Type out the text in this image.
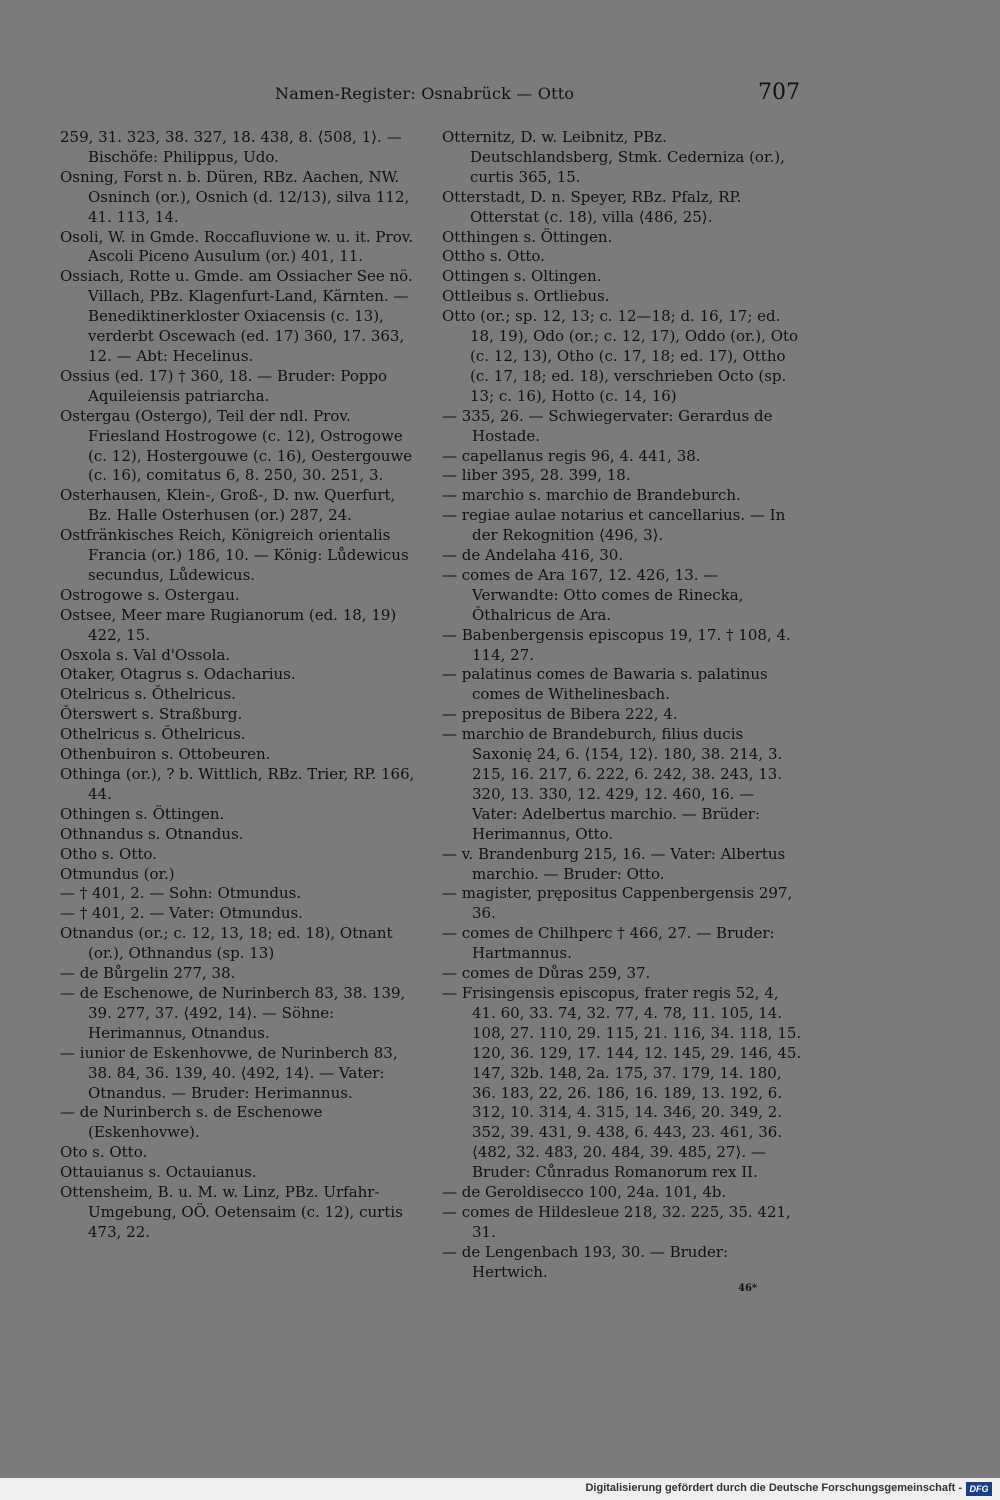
Namen-Register: Osnabrück — Otto	707

259, 31. 323, 38. 327, 18. 438, 8. ⟨508, 1⟩. — Bischöfe: Philippus, Udo.

Osning, Forst n. b. Düren, RBz. Aachen, NW. Osninch (or.), Osnich (d. 12/13), silva 112, 41. 113, 14.

Osoli, W. in Gmde. Roccafluvione w. u. it. Prov. Ascoli Piceno Ausulum (or.) 401, 11.

Ossiach, Rotte u. Gmde. am Ossiacher See nö. Villach, PBz. Klagenfurt-Land, Kärnten. — Benediktinerkloster Oxiacensis (c. 13), verderbt Oscewach (ed. 17) 360, 17. 363, 12. — Abt: Hecelinus.

Ossius (ed. 17) † 360, 18. — Bruder: Poppo Aquileiensis patriarcha.

Ostergau (Ostergo), Teil der ndl. Prov. Friesland Hostrogowe (c. 12), Ostrogowe (c. 12), Hostergouwe (c. 16), Oestergouwe (c. 16), comitatus 6, 8. 250, 30. 251, 3.

Osterhausen, Klein-, Groß-, D. nw. Querfurt, Bz. Halle Osterhusen (or.) 287, 24.

Ostfränkisches Reich, Königreich orientalis Francia (or.) 186, 10. — König: Lůdewicus secundus, Lůdewicus.

Ostrogowe s. Ostergau.

Ostsee, Meer mare Rugianorum (ed. 18, 19) 422, 15.

Osxola s. Val d'Ossola.

Otaker, Otagrus s. Odacharius.

Otelricus s. Ǒthelricus.

Ǒterswert s. Straßburg.

Othelricus s. Ǒthelricus.

Othenbuiron s. Ottobeuren.

Othinga (or.), ? b. Wittlich, RBz. Trier, RP. 166, 44.

Othingen s. Öttingen.

Othnandus s. Otnandus.

Otho s. Otto.

Otmundus (or.)

— † 401, 2. — Sohn: Otmundus.

— † 401, 2. — Vater: Otmundus.

Otnandus (or.; c. 12, 13, 18; ed. 18), Otnant (or.), Othnandus (sp. 13)

— de Bůrgelin 277, 38.

— de Eschenowe, de Nurinberch 83, 38. 139, 39. 277, 37. ⟨492, 14⟩. — Söhne: Herimannus, Otnandus.

— iunior de Eskenhovwe, de Nurinberch 83, 38. 84, 36. 139, 40. ⟨492, 14⟩. — Vater: Otnandus. — Bruder: Herimannus.

— de Nurinberch s. de Eschenowe (Eskenhovwe).

Oto s. Otto.

Ottauianus s. Octauianus.

Ottensheim, B. u. M. w. Linz, PBz. Urfahr-Umgebung, OÖ. Oetensaim (c. 12), curtis 473, 22.

Otternitz, D. w. Leibnitz, PBz. Deutschlandsberg, Stmk. Cederniza (or.), curtis 365, 15.

Otterstadt, D. n. Speyer, RBz. Pfalz, RP. Otterstat (c. 18), villa ⟨486, 25⟩.

Otthingen s. Öttingen.

Ottho s. Otto.

Ottingen s. Oltingen.

Ottleibus s. Ortliebus.

Otto (or.; sp. 12, 13; c. 12—18; d. 16, 17; ed. 18, 19), Odo (or.; c. 12, 17), Oddo (or.), Oto (c. 12, 13), Otho (c. 17, 18; ed. 17), Ottho (c. 17, 18; ed. 18), verschrieben Octo (sp. 13; c. 16), Hotto (c. 14, 16)

— 335, 26. — Schwiegervater: Gerardus de Hostade.

— capellanus regis 96, 4. 441, 38.

— liber 395, 28. 399, 18.

— marchio s. marchio de Brandeburch.

— regiae aulae notarius et cancellarius. — In der Rekognition ⟨496, 3⟩.

— de Andelaha 416, 30.

— comes de Ara 167, 12. 426, 13. — Verwandte: Otto comes de Rinecka, Ǒthalricus de Ara.

— Babenbergensis episcopus 19, 17. † 108, 4. 114, 27.

— palatinus comes de Bawaria s. palatinus comes de Withelinesbach.

— prepositus de Bibera 222, 4.

— marchio de Brandeburch, filius ducis Saxonię 24, 6. ⟨154, 12⟩. 180, 38. 214, 3. 215, 16. 217, 6. 222, 6. 242, 38. 243, 13. 320, 13. 330, 12. 429, 12. 460, 16. — Vater: Adelbertus marchio. — Brüder: Herimannus, Otto.

— v. Brandenburg 215, 16. — Vater: Albertus marchio. — Bruder: Otto.

— magister, prępositus Cappenbergensis 297, 36.

— comes de Chilhperc † 466, 27. — Bruder: Hartmannus.

— comes de Důras 259, 37.

— Frisingensis episcopus, frater regis 52, 4, 41. 60, 33. 74, 32. 77, 4. 78, 11. 105, 14. 108, 27. 110, 29. 115, 21. 116, 34. 118, 15. 120, 36. 129, 17. 144, 12. 145, 29. 146, 45. 147, 32b. 148, 2a. 175, 37. 179, 14. 180, 36. 183, 22, 26. 186, 16. 189, 13. 192, 6. 312, 10. 314, 4. 315, 14. 346, 20. 349, 2. 352, 39. 431, 9. 438, 6. 443, 23. 461, 36. ⟨482, 32. 483, 20. 484, 39. 485, 27⟩. — Bruder: Cůnradus Romanorum rex II.

— de Geroldisecco 100, 24a. 101, 4b.

— comes de Hildesleue 218, 32. 225, 35. 421, 31.

— de Lengenbach 193, 30. — Bruder: Hertwich.

46*
Digitalisierung gefördert durch die Deutsche Forschungsgemeinschaft - DFG
